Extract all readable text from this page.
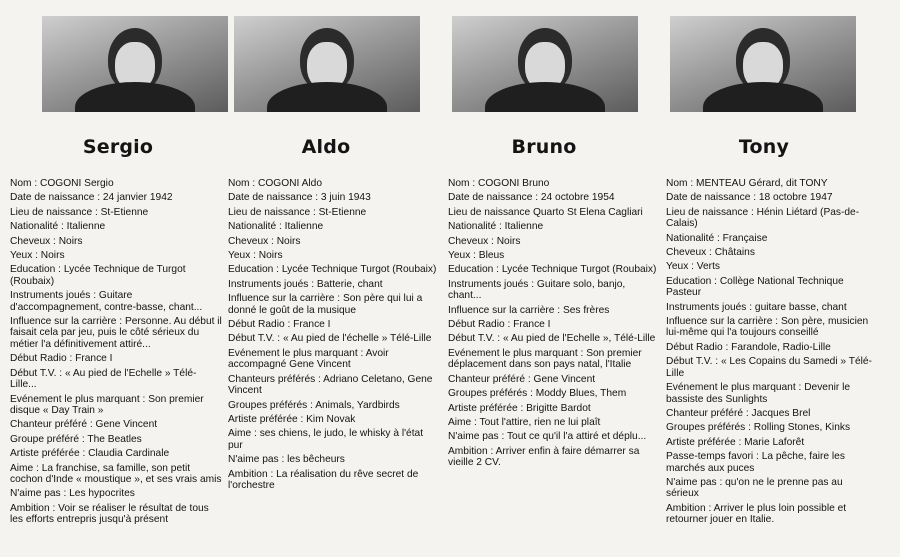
Sergio
Nom : COGONI Sergio
Date de naissance : 24 janvier 1942
Lieu de naissance : St-Etienne
Nationalité : Italienne
Cheveux : Noirs
Yeux : Noirs
Education : Lycée Technique de Turgot (Roubaix)
Instruments joués : Guitare d'accompagnement, contre-basse, chant...
Influence sur la carrière : Personne. Au début il faisait cela par jeu, puis le côté sérieux du métier l'a définitivement attiré...
Début Radio : France I
Début T.V. : « Au pied de l'Echelle » Télé-Lille...
Evénement le plus marquant : Son premier disque « Day Train »
Chanteur préféré : Gene Vincent
Groupe préféré : The Beatles
Artiste préférée : Claudia Cardinale
Aime : La franchise, sa famille, son petit cochon d'Inde « moustique », et ses vrais amis
N'aime pas : Les hypocrites
Ambition : Voir se réaliser le résultat de tous les efforts entrepris jusqu'à présent
Aldo
Nom : COGONI Aldo
Date de naissance : 3 juin 1943
Lieu de naissance : St-Etienne
Nationalité : Italienne
Cheveux : Noirs
Yeux : Noirs
Education : Lycée Technique Turgot (Roubaix)
Instruments joués : Batterie, chant
Influence sur la carrière : Son père qui lui a donné le goût de la musique
Début Radio : France I
Début T.V. : « Au pied de l'échelle » Télé-Lille
Evénement le plus marquant : Avoir accompagné Gene Vincent
Chanteurs préférés : Adriano Celetano, Gene Vincent
Groupes préférés : Animals, Yardbirds
Artiste préférée : Kim Novak
Aime : ses chiens, le judo, le whisky à l'état pur
N'aime pas : les bêcheurs
Ambition : La réalisation du rêve secret de l'orchestre
Bruno
Nom : COGONI Bruno
Date de naissance : 24 octobre 1954
Lieu de naissance Quarto St Elena Cagliari
Nationalité : Italienne
Cheveux : Noirs
Yeux : Bleus
Education : Lycée Technique Turgot (Roubaix)
Instruments joués : Guitare solo, banjo, chant...
Influence sur la carrière : Ses frères
Début Radio : France I
Début T.V. : « Au pied de l'Echelle », Télé-Lille
Evénement le plus marquant : Son premier déplacement dans son pays natal, l'Italie
Chanteur préféré : Gene Vincent
Groupes préférés : Moddy Blues, Them
Artiste préférée : Brigitte Bardot
Aime : Tout l'attire, rien ne lui plaît
N'aime pas : Tout ce qu'il l'a attiré et déplu...
Ambition : Arriver enfin à faire démarrer sa vieille 2 CV.
Tony
Nom : MENTEAU Gérard, dit TONY
Date de naissance : 18 octobre 1947
Lieu de naissance : Hénin Liétard (Pas-de-Calais)
Nationalité : Française
Cheveux : Châtains
Yeux : Verts
Education : Collège National Technique Pasteur
Instruments joués : guitare basse, chant
Influence sur la carrière : Son père, musicien lui-même qui l'a toujours conseillé
Début Radio : Farandole, Radio-Lille
Début T.V. : « Les Copains du Samedi » Télé-Lille
Evénement le plus marquant : Devenir le bassiste des Sunlights
Chanteur préféré : Jacques Brel
Groupes préférés : Rolling Stones, Kinks
Artiste préférée : Marie Laforêt
Passe-temps favori : La pêche, faire les marchés aux puces
N'aime pas : qu'on ne le prenne pas au sérieux
Ambition : Arriver le plus loin possible et retourner jouer en Italie.
